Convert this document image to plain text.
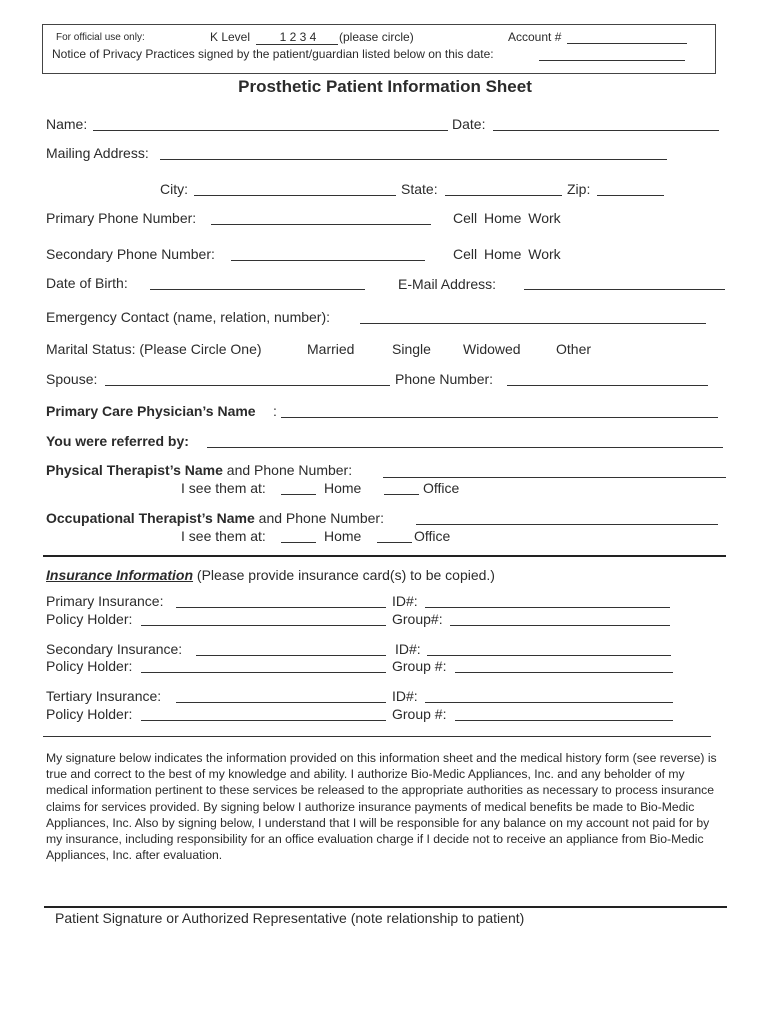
For official use only:	K Level	1 2 3 4	(please circle)	Account #
Notice of Privacy Practices signed by the patient/guardian listed below on this date:
Prosthetic Patient Information Sheet
Name:	Date:
Mailing Address:
City:	State:	Zip:
Primary Phone Number:	Cell Home Work
Secondary Phone Number:	Cell Home Work
Date of Birth:	E-Mail Address:
Emergency Contact (name, relation, number):
Marital Status: (Please Circle One)	Married	Single Widowed	Other
Spouse:	Phone Number:
Primary Care Physician’s Name :
You were referred by:
Physical Therapist’s Name and Phone Number:
I see them at:	Home	Office
Occupational Therapist’s Name and Phone Number:
I see them at:	Home	Office
Insurance Information (Please provide insurance card(s) to be copied.)
Primary Insurance:	ID#:
Policy Holder:	Group#:
Secondary Insurance:	ID#:
Policy Holder:	Group #:
Tertiary Insurance:	ID#:
Policy Holder:	Group #:
My signature below indicates the information provided on this information sheet and the medical history form (see reverse) is true and correct to the best of my knowledge and ability. I authorize Bio-Medic Appliances, Inc. and any beholder of my medical information pertinent to these services be released to the appropriate authorities as necessary to process insurance claims for services provided. By signing below I authorize insurance payments of medical benefits be made to Bio-Medic Appliances, Inc. Also by signing below, I understand that I will be responsible for any balance on my account not paid for by my insurance, including responsibility for an office evaluation charge if I decide not to receive an appliance from Bio-Medic Appliances, Inc. after evaluation.
Patient Signature or Authorized Representative (note relationship to patient)
